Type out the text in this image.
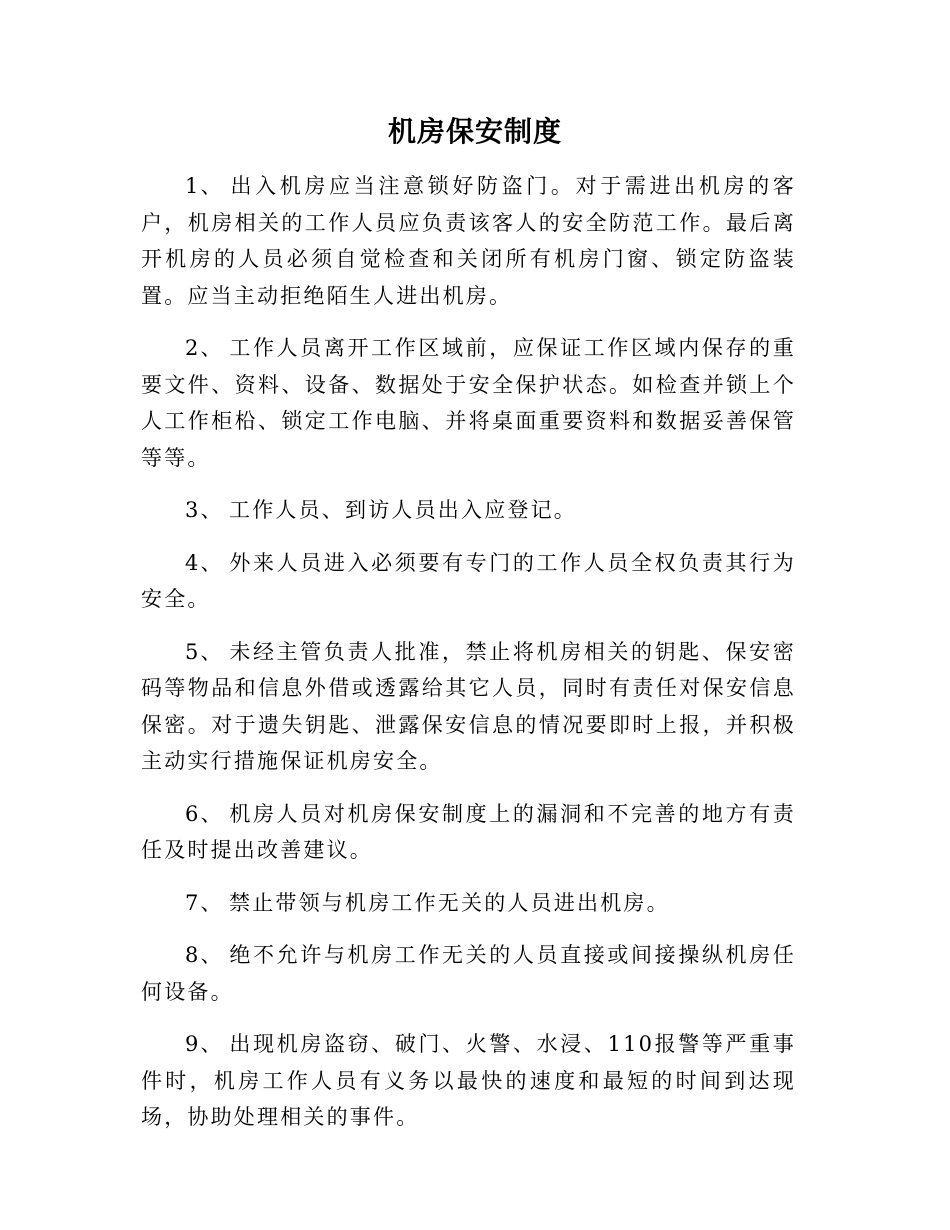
机房保安制度

1、 出入机房应当注意锁好防盗门。对于需进出机房的客户，机房相关的工作人员应负责该客人的安全防范工作。最后离开机房的人员必须自觉检查和关闭所有机房门窗、锁定防盗装置。应当主动拒绝陌生人进出机房。

2、 工作人员离开工作区域前，应保证工作区域内保存的重要文件、资料、设备、数据处于安全保护状态。如检查并锁上个人工作柜柗、锁定工作电脑、并将桌面重要资料和数据妥善保管等等。

3、 工作人员、到访人员出入应登记。

4、 外来人员进入必须要有专门的工作人员全权负责其行为安全。

5、 未经主管负责人批准，禁止将机房相关的钥匙、保安密码等物品和信息外借或透露给其它人员，同时有责任对保安信息保密。对于遗失钥匙、泄露保安信息的情况要即时上报，并积极主动实行措施保证机房安全。

6、 机房人员对机房保安制度上的漏洞和不完善的地方有责任及时提出改善建议。

7、 禁止带领与机房工作无关的人员进出机房。

8、 绝不允许与机房工作无关的人员直接或间接操纵机房任何设备。

9、 出现机房盗窃、破门、火警、水浸、110报警等严重事件时，机房工作人员有义务以最快的速度和最短的时间到达现场，协助处理相关的事件。
